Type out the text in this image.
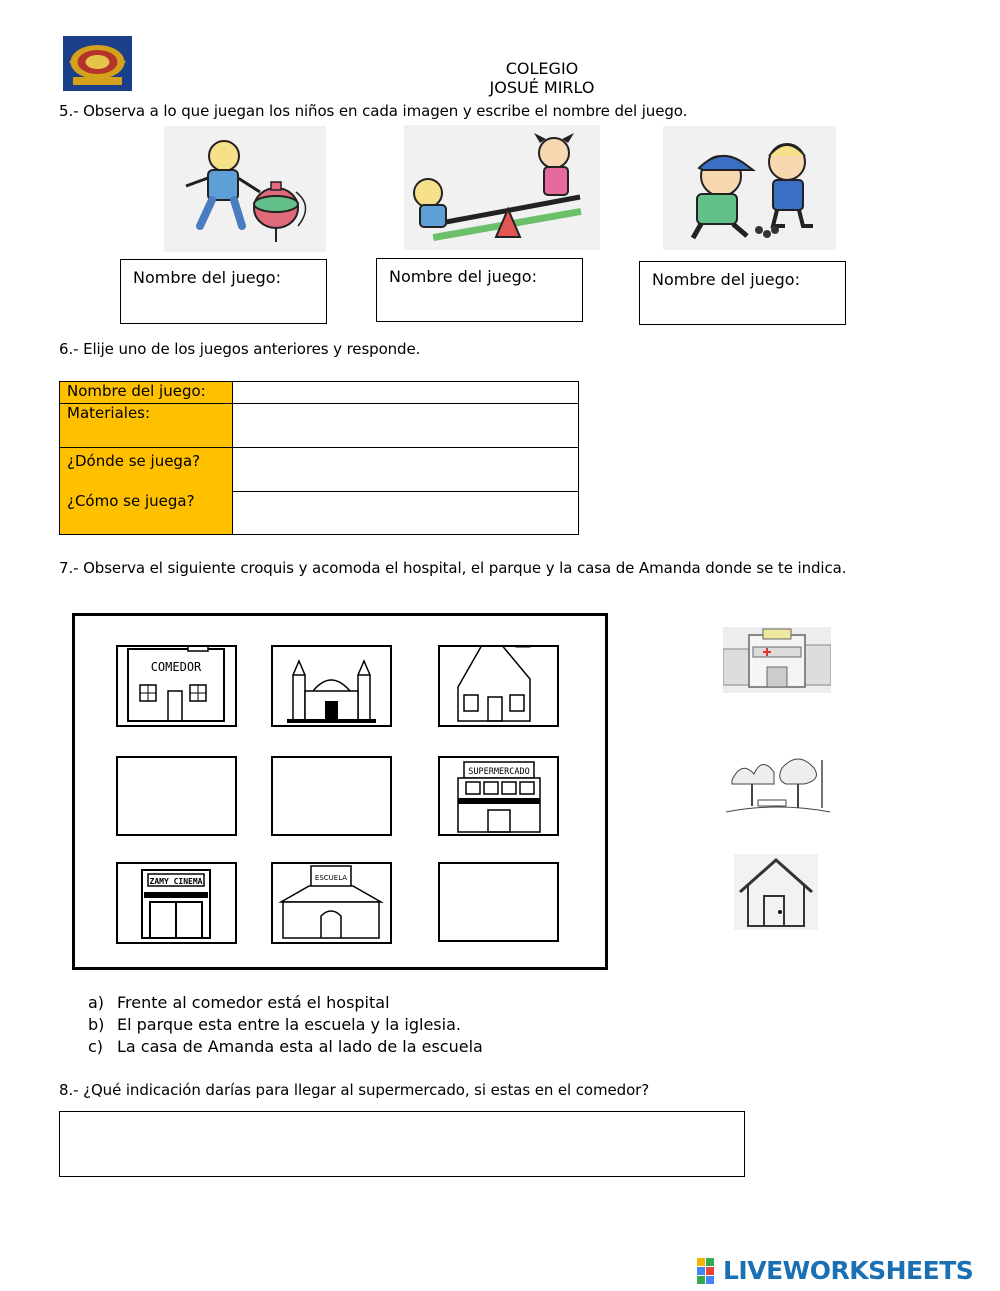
COLEGIO
JOSUÉ MIRLO
5.- Observa a lo que juegan los niños en cada imagen y escribe el nombre del juego.
Nombre del juego:	Nombre del juego:	Nombre del juego:
6.- Elije uno de los juegos anteriores y responde.
Nombre del juego:	
Materiales:	

¿Dónde se juega?
¿Cómo se juega?	

7.- Observa el siguiente croquis y acomoda el hospital, el parque y la casa de Amanda donde se te indica.
COMEDOR
SUPERMERCADO
ZAMY CINEMA	ESCUELA
a) Frente al comedor está el hospital
b) El parque esta entre la escuela y la iglesia.
c) La casa de Amanda esta al lado de la escuela
8.- ¿Qué indicación darías para llegar al supermercado, si estas en el comedor?
LIVEWORKSHEETS
